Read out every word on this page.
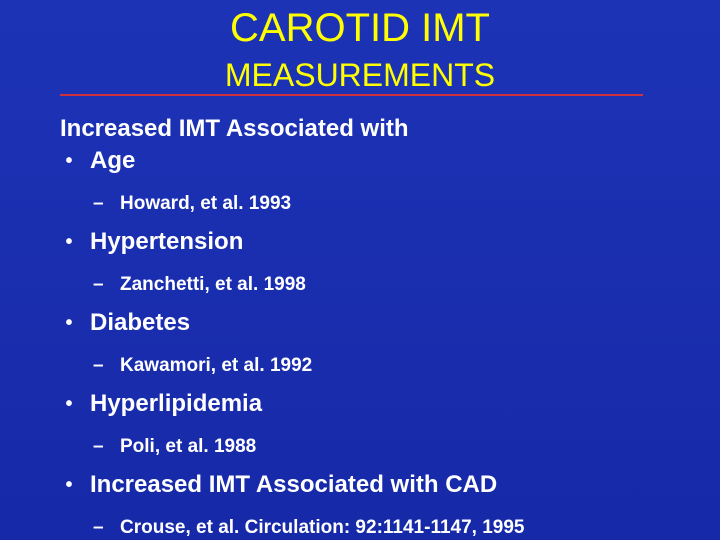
CAROTID IMT
MEASUREMENTS
Increased IMT Associated with
• Age
– Howard, et al. 1993
• Hypertension
– Zanchetti, et al. 1998
• Diabetes
– Kawamori, et al. 1992
• Hyperlipidemia
– Poli, et al. 1988
• Increased IMT Associated with CAD
– Crouse, et al. Circulation: 92:1141-1147, 1995
